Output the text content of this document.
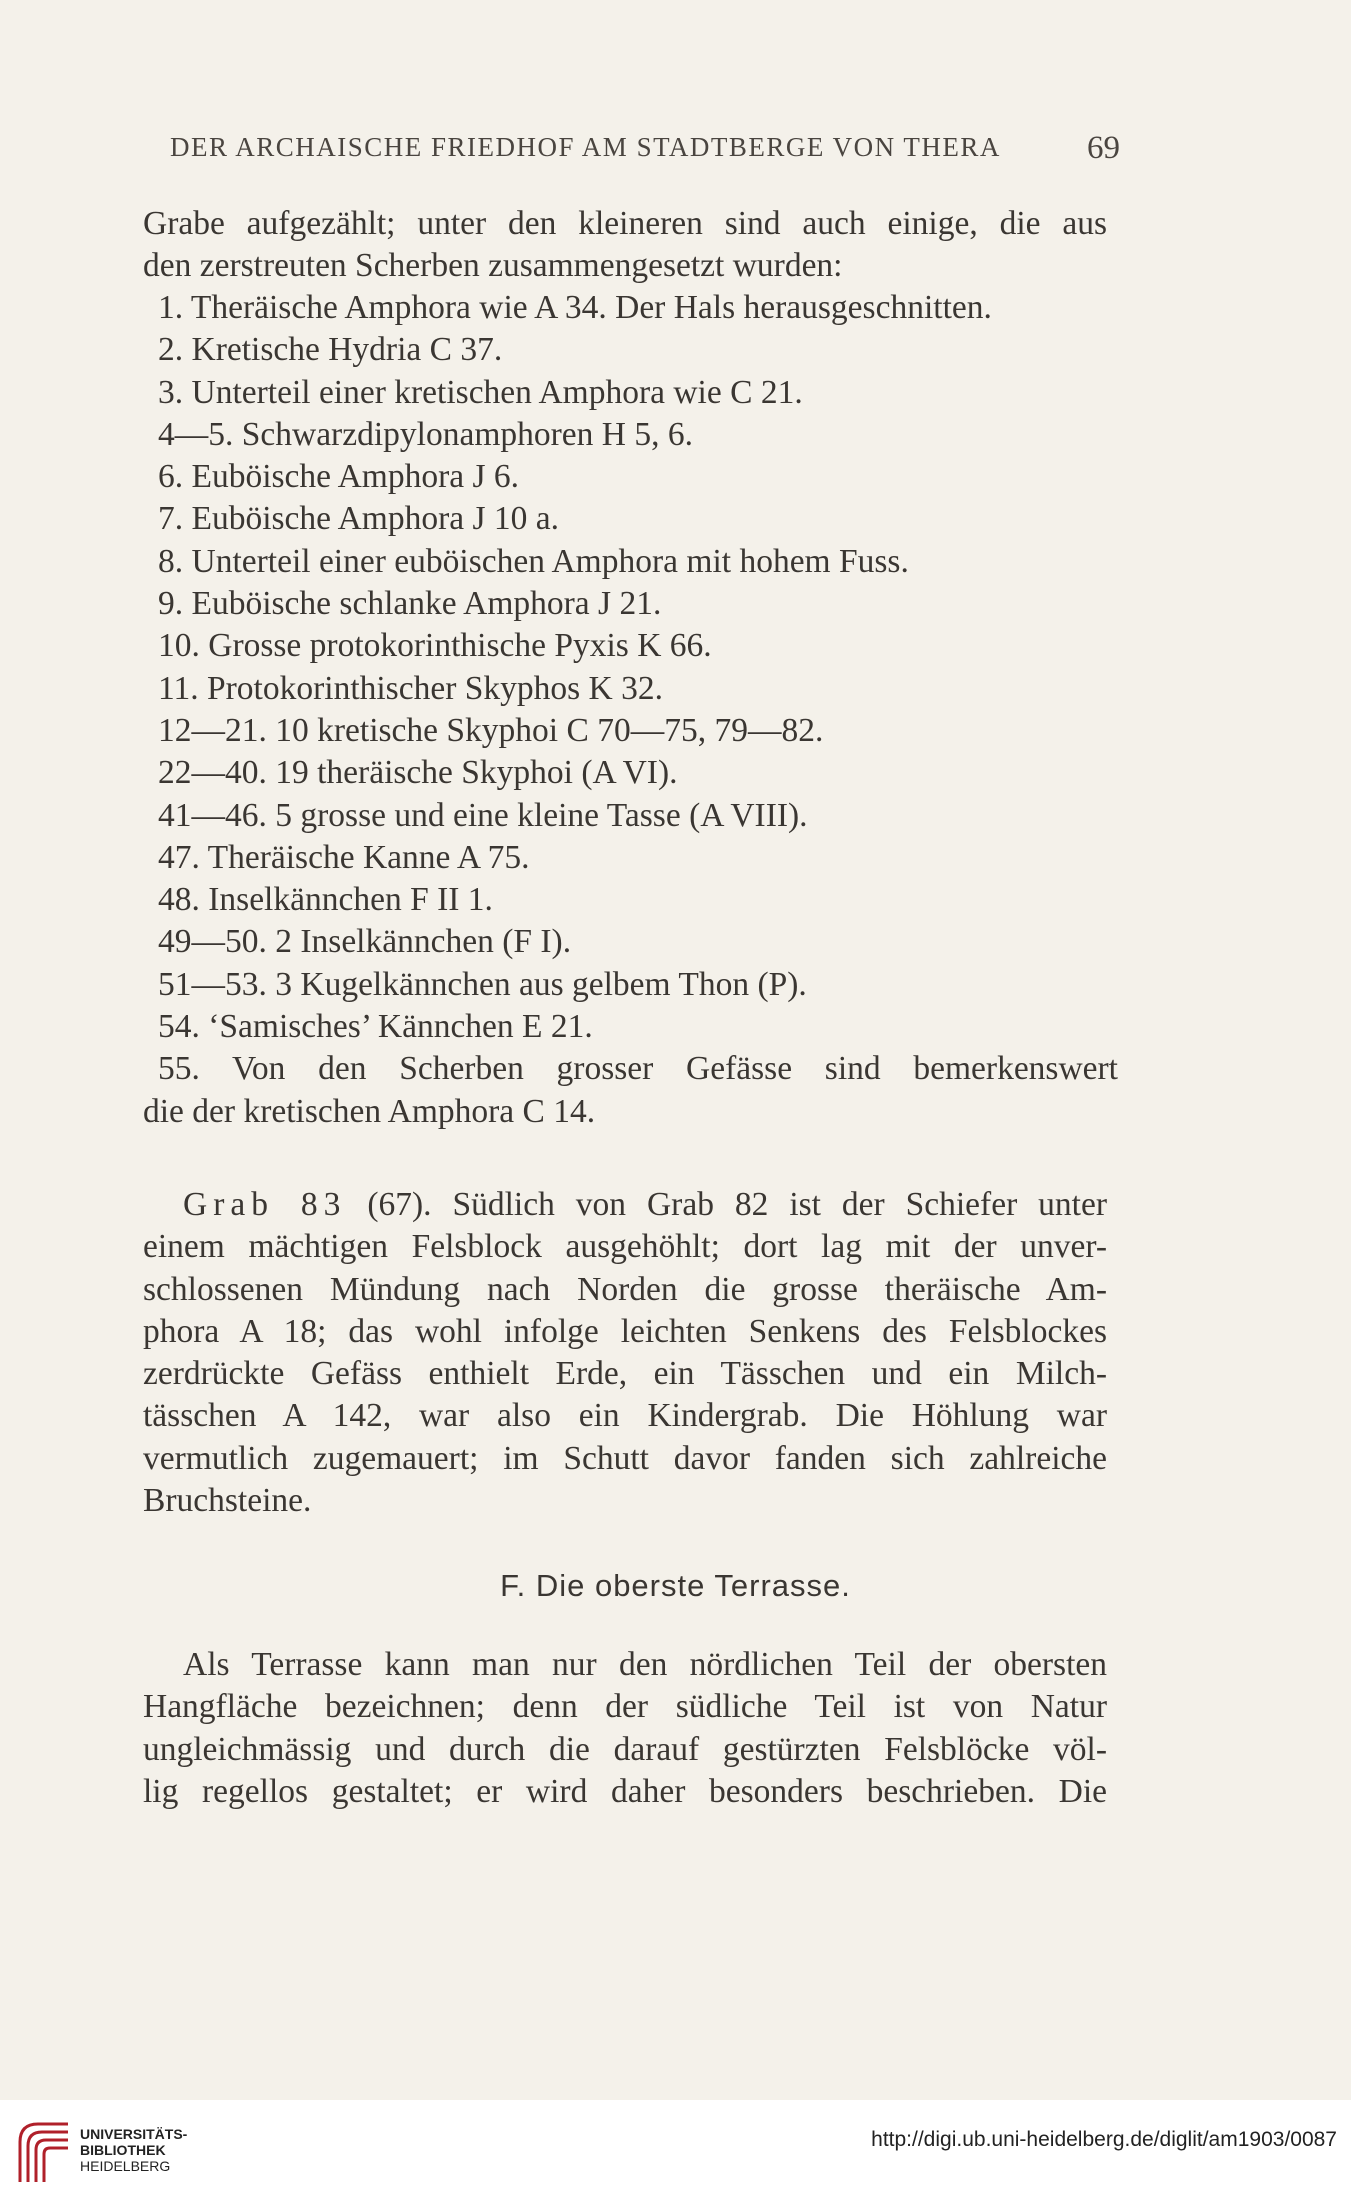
DER ARCHAISCHE FRIEDHOF AM STADTBERGE VON THERA	69
Grabe aufgezählt; unter den kleineren sind auch einige, die aus
den zerstreuten Scherben zusammengesetzt wurden:
1. Theräische Amphora wie A 34. Der Hals herausgeschnitten.
2. Kretische Hydria C 37.
3. Unterteil einer kretischen Amphora wie C 21.
4—5. Schwarzdipylonamphoren H 5, 6.
6. Euböische Amphora J 6.
7. Euböische Amphora J 10 a.
8. Unterteil einer euböischen Amphora mit hohem Fuss.
9. Euböische schlanke Amphora J 21.
10. Grosse protokorinthische Pyxis K 66.
11. Protokorinthischer Skyphos K 32.
12—21. 10 kretische Skyphoi C 70—75, 79—82.
22—40. 19 theräische Skyphoi (A VI).
41—46. 5 grosse und eine kleine Tasse (A VIII).
47. Theräische Kanne A 75.
48. Inselkännchen F II 1.
49—50. 2 Inselkännchen (F I).
51—53. 3 Kugelkännchen aus gelbem Thon (P).
54. ‘Samisches’ Kännchen E 21.
55. Von den Scherben grosser Gefässe sind bemerkenswert
die der kretischen Amphora C 14.
Grab 83 (67). Südlich von Grab 82 ist der Schiefer unter
einem mächtigen Felsblock ausgehöhlt; dort lag mit der unver-
schlossenen Mündung nach Norden die grosse theräische Am-
phora A 18; das wohl infolge leichten Senkens des Felsblockes
zerdrückte Gefäss enthielt Erde, ein Tässchen und ein Milch-
tässchen A 142, war also ein Kindergrab. Die Höhlung war
vermutlich zugemauert; im Schutt davor fanden sich zahlreiche
Bruchsteine.
F. Die oberste Terrasse.
Als Terrasse kann man nur den nördlichen Teil der obersten
Hangfläche bezeichnen; denn der südliche Teil ist von Natur
ungleichmässig und durch die darauf gestürzten Felsblöcke völ-
lig regellos gestaltet; er wird daher besonders beschrieben. Die
UNIVERSITÄTS-
BIBLIOTHEK
HEIDELBERG
http://digi.ub.uni-heidelberg.de/diglit/am1903/0087
